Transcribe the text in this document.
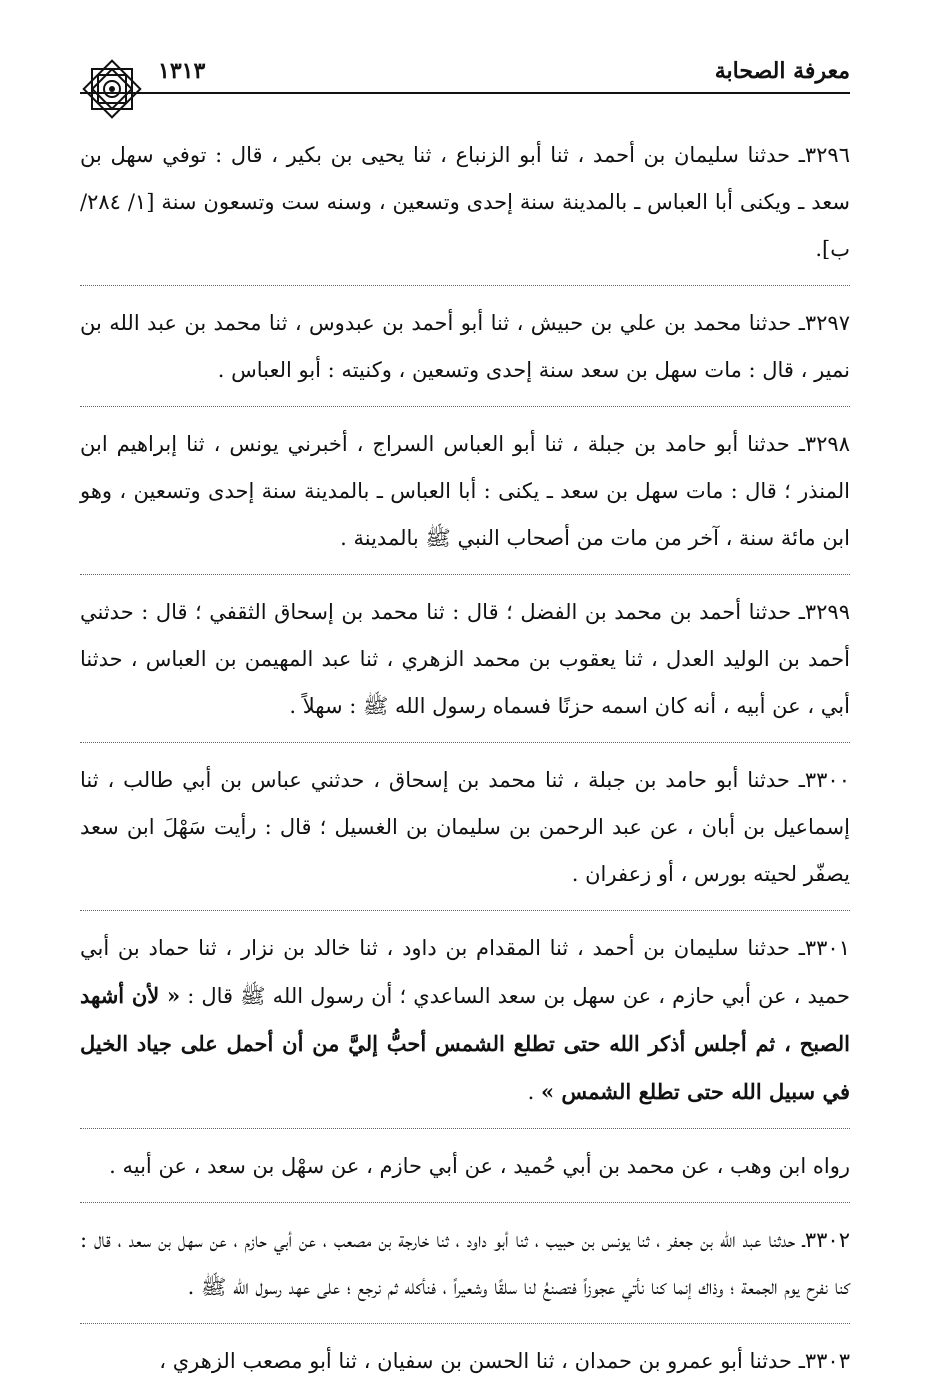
معرفة الصحابة
١٣١٣

٣٢٩٦ـ حدثنا سليمان بن أحمد ، ثنا أبو الزنباع ، ثنا يحيى بن بكير ، قال : توفي سهل بن سعد ـ ويكنى أبا العباس ـ بالمدينة سنة إحدى وتسعين ، وسنه ست وتسعون سنة [١/ ٢٨٤/ ب].

٣٢٩٧ـ حدثنا محمد بن علي بن حبيش ، ثنا أبو أحمد بن عبدوس ، ثنا محمد بن عبد الله بن نمير ، قال : مات سهل بن سعد سنة إحدى وتسعين ، وكنيته : أبو العباس .

٣٢٩٨ـ حدثنا أبو حامد بن جبلة ، ثنا أبو العباس السراج ، أخبرني يونس ، ثنا إبراهيم ابن المنذر ؛ قال : مات سهل بن سعد ـ يكنى : أبا العباس ـ بالمدينة سنة إحدى وتسعين ، وهو ابن مائة سنة ، آخر من مات من أصحاب النبي ﷺ بالمدينة .

٣٢٩٩ـ حدثنا أحمد بن محمد بن الفضل ؛ قال : ثنا محمد بن إسحاق الثقفي ؛ قال : حدثني أحمد بن الوليد العدل ، ثنا يعقوب بن محمد الزهري ، ثنا عبد المهيمن بن العباس ، حدثنا أبي ، عن أبيه ، أنه كان اسمه حزنًا فسماه رسول الله ﷺ : سهلاً .

٣٣٠٠ـ حدثنا أبو حامد بن جبلة ، ثنا محمد بن إسحاق ، حدثني عباس بن أبي طالب ، ثنا إسماعيل بن أبان ، عن عبد الرحمن بن سليمان بن الغسيل ؛ قال : رأيت سَهْلَ ابن سعد يصفّر لحيته بورس ، أو زعفران .

٣٣٠١ـ حدثنا سليمان بن أحمد ، ثنا المقدام بن داود ، ثنا خالد بن نزار ، ثنا حماد بن أبي حميد ، عن أبي حازم ، عن سهل بن سعد الساعدي ؛ أن رسول الله ﷺ قال : « لأن أشهد الصبح ، ثم أجلس أذكر الله حتى تطلع الشمس أحبُّ إليَّ من أن أحمل على جياد الخيل في سبيل الله حتى تطلع الشمس » .

رواه ابن وهب ، عن محمد بن أبي حُميد ، عن أبي حازم ، عن سهْل بن سعد ، عن أبيه .

٣٣٠٢ـ حدثنا عبد الله بن جعفر ، ثنا يونس بن حبيب ، ثنا أبو داود ، ثنا خارجة بن مصعب ، عن أبي حازم ، عن سهل بن سعد ، قال : كنا نفرح يوم الجمعة ؛ وذاك إنما كنا نأتي عجوزاً فتصنعُ لنا سلقًا وشعيراً ، فنأكله ثم نرجع ؛ على عهد رسول الله ﷺ .

٣٣٠٣ـ حدثنا أبو عمرو بن حمدان ، ثنا الحسن بن سفيان ، ثنا أبو مصعب الزهري ،
